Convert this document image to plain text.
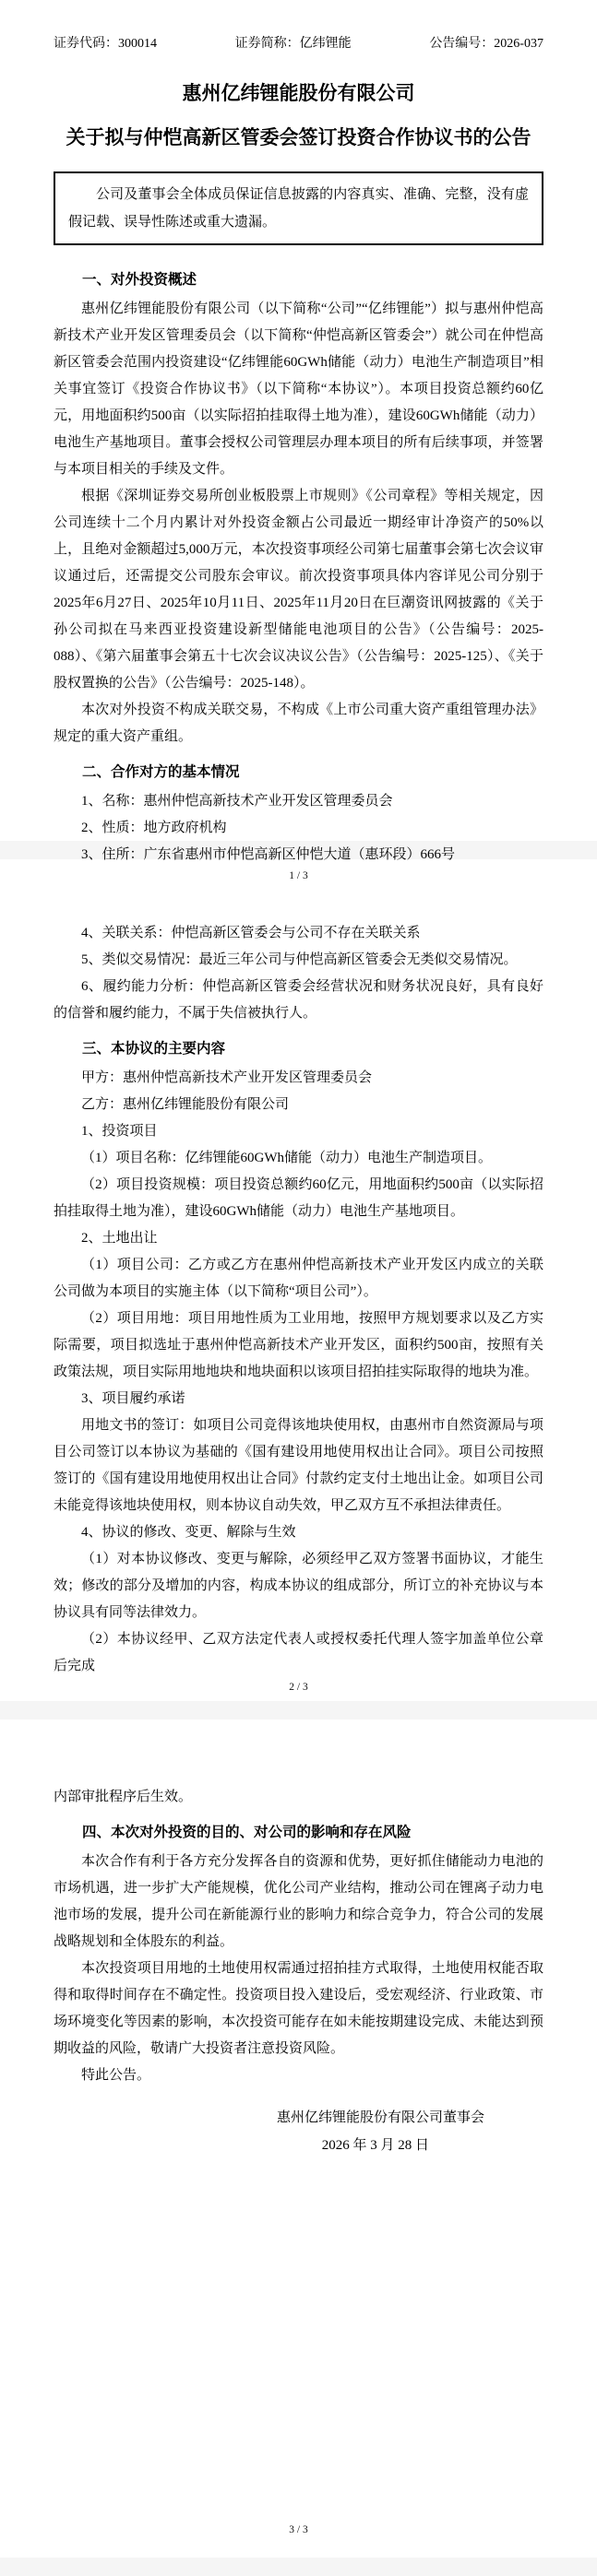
证券代码：300014	证券简称：亿纬锂能	公告编号：2026-037
惠州亿纬锂能股份有限公司
关于拟与仲恺高新区管委会签订投资合作协议书的公告

公司及董事会全体成员保证信息披露的内容真实、准确、完整，没有虚假记载、误导性陈述或重大遗漏。

一、对外投资概述

惠州亿纬锂能股份有限公司（以下简称“公司”“亿纬锂能”）拟与惠州仲恺高新技术产业开发区管理委员会（以下简称“仲恺高新区管委会”）就公司在仲恺高新区管委会范围内投资建设“亿纬锂能60GWh储能（动力）电池生产制造项目”相关事宜签订《投资合作协议书》（以下简称“本协议”）。本项目投资总额约60亿元，用地面积约500亩（以实际招拍挂取得土地为准），建设60GWh储能（动力）电池生产基地项目。董事会授权公司管理层办理本项目的所有后续事项，并签署与本项目相关的手续及文件。

根据《深圳证券交易所创业板股票上市规则》《公司章程》等相关规定，因公司连续十二个月内累计对外投资金额占公司最近一期经审计净资产的50%以上，且绝对金额超过5,000万元，本次投资事项经公司第七届董事会第七次会议审议通过后，还需提交公司股东会审议。前次投资事项具体内容详见公司分别于2025年6月27日、2025年10月11日、2025年11月20日在巨潮资讯网披露的《关于孙公司拟在马来西亚投资建设新型储能电池项目的公告》（公告编号：2025-088）、《第六届董事会第五十七次会议决议公告》（公告编号：2025-125）、《关于股权置换的公告》（公告编号：2025-148）。

本次对外投资不构成关联交易，不构成《上市公司重大资产重组管理办法》规定的重大资产重组。

二、合作对方的基本情况

1、名称：惠州仲恺高新技术产业开发区管理委员会

2、性质：地方政府机构

3、住所：广东省惠州市仲恺高新区仲恺大道（惠环段）666号

1 / 3

4、关联关系：仲恺高新区管委会与公司不存在关联关系

5、类似交易情况：最近三年公司与仲恺高新区管委会无类似交易情况。

6、履约能力分析：仲恺高新区管委会经营状况和财务状况良好，具有良好的信誉和履约能力，不属于失信被执行人。

三、本协议的主要内容

甲方：惠州仲恺高新技术产业开发区管理委员会

乙方：惠州亿纬锂能股份有限公司

1、投资项目

（1）项目名称：亿纬锂能60GWh储能（动力）电池生产制造项目。

（2）项目投资规模：项目投资总额约60亿元，用地面积约500亩（以实际招拍挂取得土地为准），建设60GWh储能（动力）电池生产基地项目。

2、土地出让

（1）项目公司：乙方或乙方在惠州仲恺高新技术产业开发区内成立的关联公司做为本项目的实施主体（以下简称“项目公司”）。

（2）项目用地：项目用地性质为工业用地，按照甲方规划要求以及乙方实际需要，项目拟选址于惠州仲恺高新技术产业开发区，面积约500亩，按照有关政策法规，项目实际用地地块和地块面积以该项目招拍挂实际取得的地块为准。

3、项目履约承诺

用地文书的签订：如项目公司竞得该地块使用权，由惠州市自然资源局与项目公司签订以本协议为基础的《国有建设用地使用权出让合同》。项目公司按照签订的《国有建设用地使用权出让合同》付款约定支付土地出让金。如项目公司未能竞得该地块使用权，则本协议自动失效，甲乙双方互不承担法律责任。

4、协议的修改、变更、解除与生效

（1）对本协议修改、变更与解除，必须经甲乙双方签署书面协议，才能生效；修改的部分及增加的内容，构成本协议的组成部分，所订立的补充协议与本协议具有同等法律效力。

（2）本协议经甲、乙双方法定代表人或授权委托代理人签字加盖单位公章后完成

2 / 3

内部审批程序后生效。

四、本次对外投资的目的、对公司的影响和存在风险

本次合作有利于各方充分发挥各自的资源和优势，更好抓住储能动力电池的市场机遇，进一步扩大产能规模，优化公司产业结构，推动公司在锂离子动力电池市场的发展，提升公司在新能源行业的影响力和综合竞争力，符合公司的发展战略规划和全体股东的利益。

本次投资项目用地的土地使用权需通过招拍挂方式取得，土地使用权能否取得和取得时间存在不确定性。投资项目投入建设后，受宏观经济、行业政策、市场环境变化等因素的影响，本次投资可能存在如未能按期建设完成、未能达到预期收益的风险，敬请广大投资者注意投资风险。

特此公告。

惠州亿纬锂能股份有限公司董事会

2026 年 3 月 28 日

3 / 3
